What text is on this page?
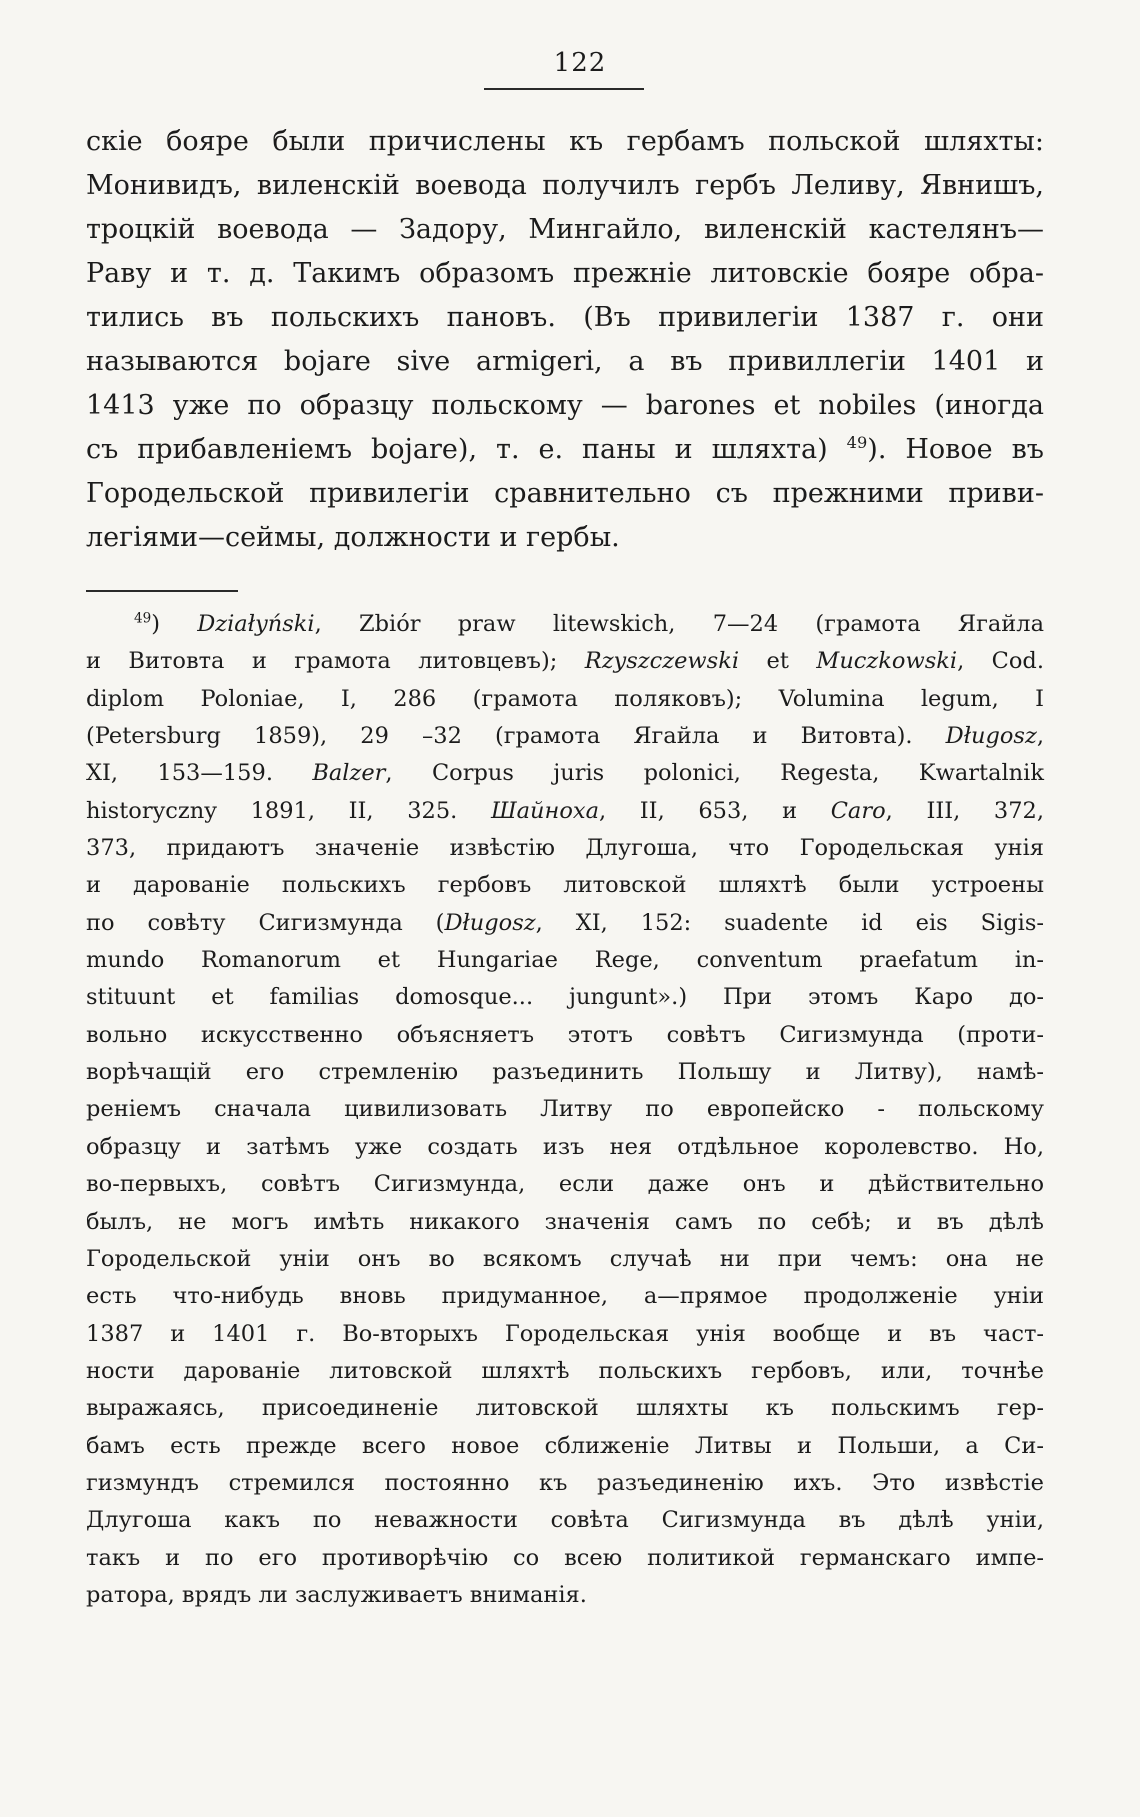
122
скіе бояре были причислены къ гербамъ польской шляхты:
Монивидъ, виленскій воевода получилъ гербъ Леливу, Явнишъ,
троцкій воевода — Задору, Мингайло, виленскій кастелянъ—
Раву и т. д. Такимъ образомъ прежніе литовскіе бояре обра-
тились въ польскихъ пановъ. (Въ привилегіи 1387 г. они
называются bojare sive armigeri, а въ привиллегіи 1401 и
1413 уже по образцу польскому — barones et nobiles (иногда
съ прибавленіемъ bojare), т. е. паны и шляхта) $^{49}$). Новое въ
Городельской привилегіи сравнительно съ прежними приви-
легіями—сеймы, должности и гербы.
$^{49}$) Działyński, Zbiór praw litewskich, 7—24 (грамота Ягайла
и Витовта и грамота литовцевъ); Rzyszczewski et Muczkowski, Cod.
diplom Poloniae, I, 286 (грамота поляковъ); Volumina legum, I
(Petersburg 1859), 29 –32 (грамота Ягайла и Витовта). Długosz,
XI, 153—159. Balzer, Corpus juris polonici, Regesta, Kwartalnik
historyczny 1891, II, 325. Шайноха, II, 653, и Caro, III, 372,
373, придаютъ значеніе извѣстію Длугоша, что Городельская унія
и дарованіе польскихъ гербовъ литовской шляхтѣ были устроены
по совѣту Сигизмунда (Długosz, XI, 152: suadente id eis Sigis-
mundo Romanorum et Hungariae Rege, conventum praefatum in-
stituunt et familias domosque... jungunt».) При этомъ Каро до-
вольно искусственно объясняетъ этотъ совѣтъ Сигизмунда (проти-
ворѣчащій его стремленію разъединить Польшу и Литву), намѣ-
реніемъ сначала цивилизовать Литву по европейско - польскому
образцу и затѣмъ уже создать изъ нея отдѣльное королевство. Но,
во-первыхъ, совѣтъ Сигизмунда, если даже онъ и дѣйствительно
былъ, не могъ имѣть никакого значенія самъ по себѣ; и въ дѣлѣ
Городельской уніи онъ во всякомъ случаѣ ни при чемъ: она не
есть что-нибудь вновь придуманное, а—прямое продолженіе уніи
1387 и 1401 г. Во-вторыхъ Городельская унія вообще и въ част-
ности дарованіе литовской шляхтѣ польскихъ гербовъ, или, точнѣе
выражаясь, присоединеніе литовской шляхты къ польскимъ гер-
бамъ есть прежде всего новое сближеніе Литвы и Польши, а Си-
гизмундъ стремился постоянно къ разъединенію ихъ. Это извѣстіе
Длугоша какъ по неважности совѣта Сигизмунда въ дѣлѣ уніи,
такъ и по его противорѣчію со всею политикой германскаго импе-
ратора, врядъ ли заслуживаетъ вниманія.
